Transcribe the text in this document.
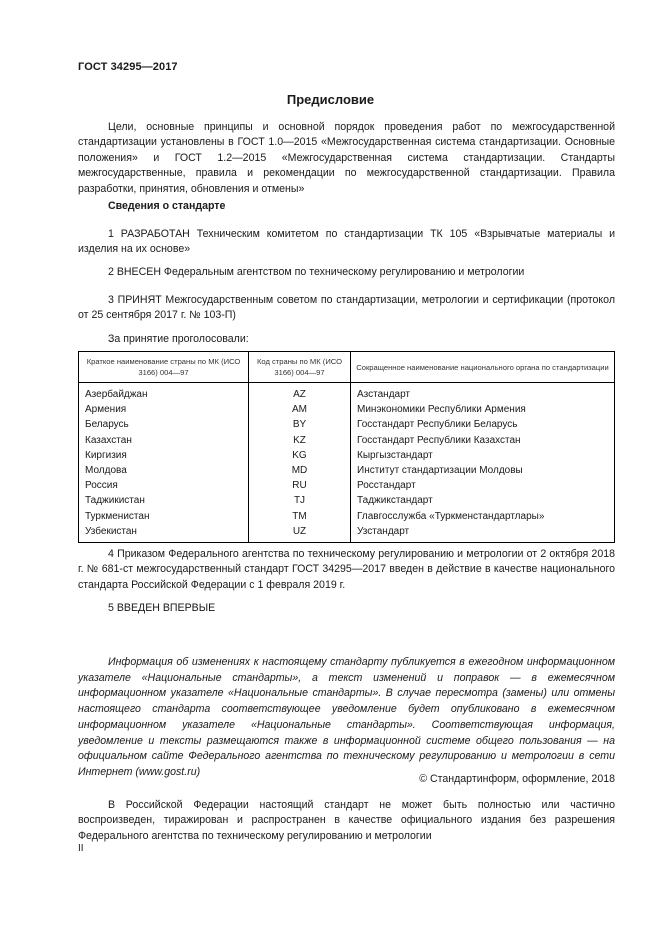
ГОСТ 34295—2017
Предисловие
Цели, основные принципы и основной порядок проведения работ по межгосударственной стандартизации установлены в ГОСТ 1.0—2015 «Межгосударственная система стандартизации. Основные положения» и ГОСТ 1.2—2015 «Межгосударственная система стандартизации. Стандарты межгосударственные, правила и рекомендации по межгосударственной стандартизации. Правила разработки, принятия, обновления и отмены»
Сведения о стандарте
1 РАЗРАБОТАН Техническим комитетом по стандартизации ТК 105 «Взрывчатые материалы и изделия на их основе»
2 ВНЕСЕН Федеральным агентством по техническому регулированию и метрологии
3 ПРИНЯТ Межгосударственным советом по стандартизации, метрологии и сертификации (протокол от 25 сентября 2017 г. № 103-П)
За принятие проголосовали:
Краткое наименование страны по МК (ИСО 3166) 004—97	Код страны по МК (ИСО 3166) 004—97	Сокращенное наименование национального органа по стандартизации
Азербайджан	AZ	Азстандарт
Армения	AM	Минэкономики Республики Армения
Беларусь	BY	Госстандарт Республики Беларусь
Казахстан	KZ	Госстандарт Республики Казахстан
Киргизия	KG	Кыргызстандарт
Молдова	MD	Институт стандартизации Молдовы
Россия	RU	Росстандарт
Таджикистан	TJ	Таджикстандарт
Туркменистан	TM	Главгосслужба «Туркменстандартлары»
Узбекистан	UZ	Узстандарт
4 Приказом Федерального агентства по техническому регулированию и метрологии от 2 октября 2018 г. № 681-ст межгосударственный стандарт ГОСТ 34295—2017 введен в действие в качестве национального стандарта Российской Федерации с 1 февраля 2019 г.
5 ВВЕДЕН ВПЕРВЫЕ
Информация об изменениях к настоящему стандарту публикуется в ежегодном информационном указателе «Национальные стандарты», а текст изменений и поправок — в ежемесячном информационном указателе «Национальные стандарты». В случае пересмотра (замены) или отмены настоящего стандарта соответствующее уведомление будет опубликовано в ежемесячном информационном указателе «Национальные стандарты». Соответствующая информация, уведомление и тексты размещаются также в информационной системе общего пользования — на официальном сайте Федерального агентства по техническому регулированию и метрологии в сети Интернет (www.gost.ru)
© Стандартинформ, оформление, 2018
В Российской Федерации настоящий стандарт не может быть полностью или частично воспроизведен, тиражирован и распространен в качестве официального издания без разрешения Федерального агентства по техническому регулированию и метрологии
II
